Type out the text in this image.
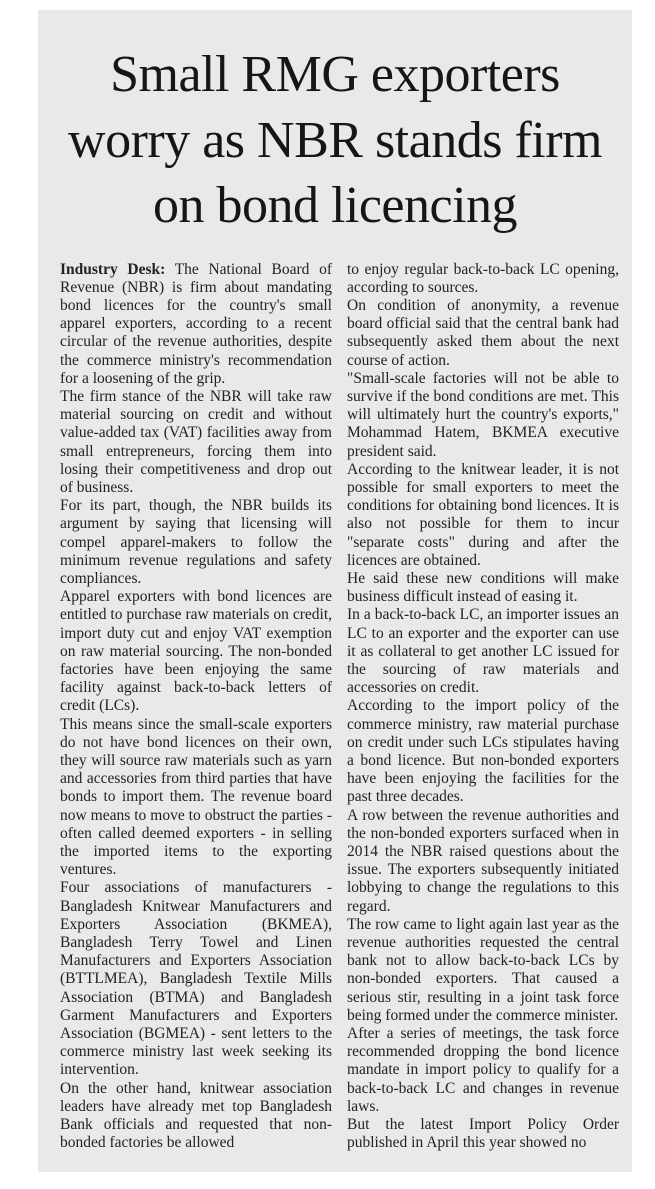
Small RMG exporters worry as NBR stands firm on bond licencing

Industry Desk: The National Board of Revenue (NBR) is firm about mandating bond licences for the country's small apparel exporters, according to a recent circular of the revenue authorities, despite the commerce ministry's recommendation for a loosening of the grip.

The firm stance of the NBR will take raw material sourcing on credit and without value-added tax (VAT) facilities away from small entrepreneurs, forcing them into losing their competitiveness and drop out of business.

For its part, though, the NBR builds its argument by saying that licensing will compel apparel-makers to follow the minimum revenue regulations and safety compliances.

Apparel exporters with bond licences are entitled to purchase raw materials on credit, import duty cut and enjoy VAT exemption on raw material sourcing. The non-bonded factories have been enjoying the same facility against back-to-back letters of credit (LCs).

This means since the small-scale exporters do not have bond licences on their own, they will source raw materials such as yarn and accessories from third parties that have bonds to import them. The revenue board now means to move to obstruct the parties - often called deemed exporters - in selling the imported items to the exporting ventures.

Four associations of manufacturers - Bangladesh Knitwear Manufacturers and Exporters Association (BKMEA), Bangladesh Terry Towel and Linen Manufacturers and Exporters Association (BTTLMEA), Bangladesh Textile Mills Association (BTMA) and Bangladesh Garment Manufacturers and Exporters Association (BGMEA) - sent letters to the commerce ministry last week seeking its intervention.

On the other hand, knitwear association leaders have already met top Bangladesh Bank officials and requested that non-bonded factories be allowed

to enjoy regular back-to-back LC opening, according to sources.

On condition of anonymity, a revenue board official said that the central bank had subsequently asked them about the next course of action.

"Small-scale factories will not be able to survive if the bond conditions are met. This will ultimately hurt the country's exports," Mohammad Hatem, BKMEA executive president said.

According to the knitwear leader, it is not possible for small exporters to meet the conditions for obtaining bond licences. It is also not possible for them to incur "separate costs" during and after the licences are obtained.

He said these new conditions will make business difficult instead of easing it.

In a back-to-back LC, an importer issues an LC to an exporter and the exporter can use it as collateral to get another LC issued for the sourcing of raw materials and accessories on credit.

According to the import policy of the commerce ministry, raw material purchase on credit under such LCs stipulates having a bond licence. But non-bonded exporters have been enjoying the facilities for the past three decades.

A row between the revenue authorities and the non-bonded exporters surfaced when in 2014 the NBR raised questions about the issue. The exporters subsequently initiated lobbying to change the regulations to this regard.

The row came to light again last year as the revenue authorities requested the central bank not to allow back-to-back LCs by non-bonded exporters. That caused a serious stir, resulting in a joint task force being formed under the commerce minister.

After a series of meetings, the task force recommended dropping the bond licence mandate in import policy to qualify for a back-to-back LC and changes in revenue laws.

But the latest Import Policy Order published in April this year showed no
